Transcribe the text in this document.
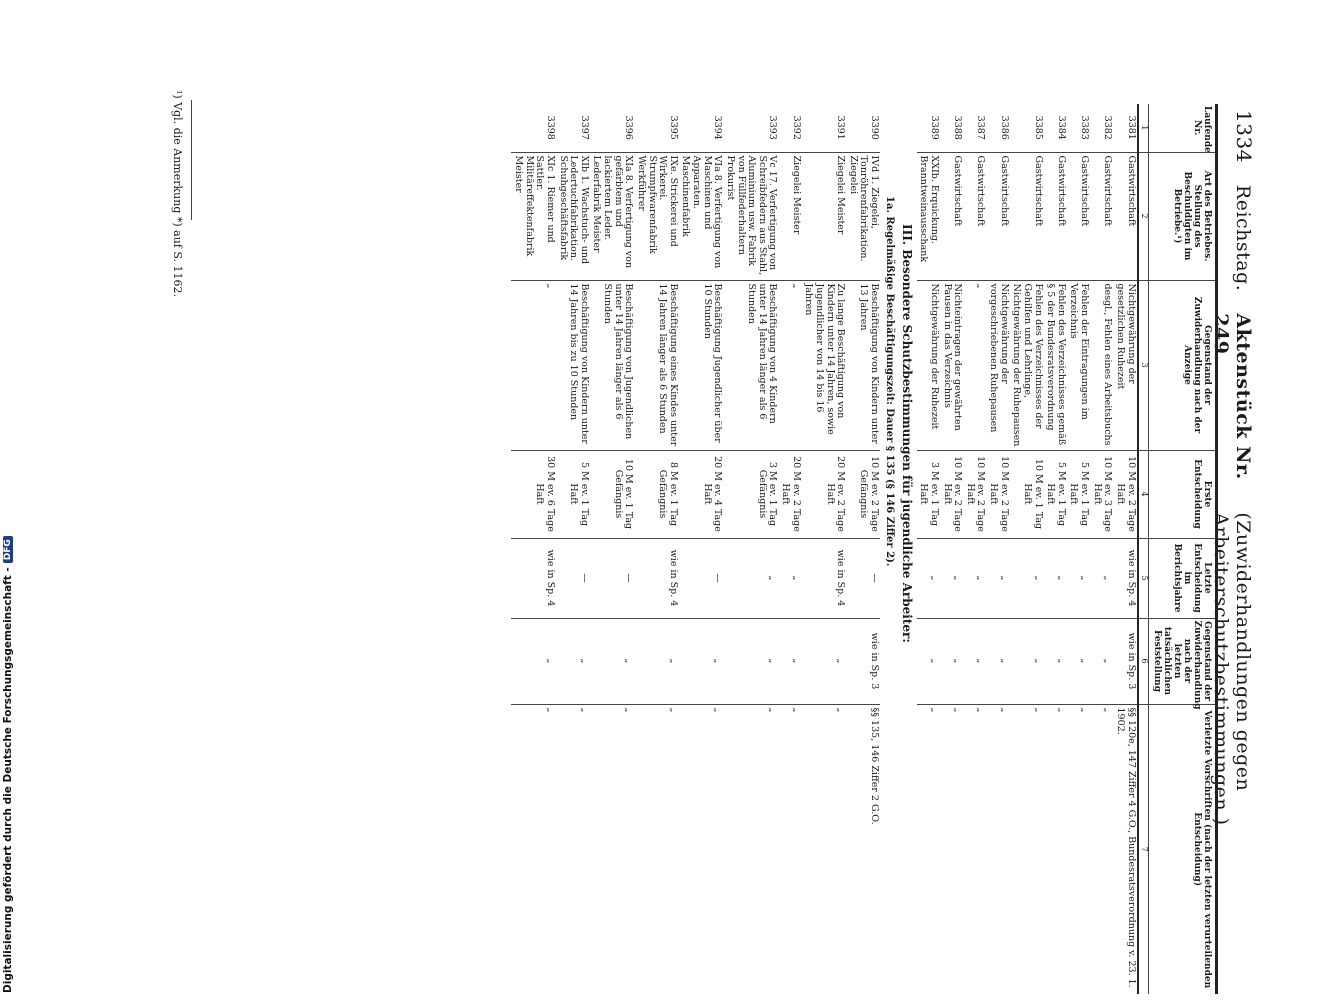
1334
Reichstag.
Aktenstück Nr. 249.
(Zuwiderhandlungen gegen Arbeiterschutzbestimmungen.)
Laufende Nr.	Art des Betriebes. Stellung des Beschuldigten im Betriebe.¹)	Gegenstand der Zuwiderhandlung nach der Anzeige	Erste Entscheidung	Letzte Entscheidung im Berichtsjahre	Gegenstand der Zuwiderhandlung nach der letzten tatsächlichen Feststellung	Verletzte Vorschriften (nach der letzten verurteilenden Entscheidung)
1	2	3	4	5	6	7
3381	Gastwirtschaft	Nichtgewährung der gesetzlichen Ruhezeit	10 M ev. 2 Tage Haft	wie in Sp. 4	wie in Sp. 3	§§ 120e, 147 Ziffer 4 G.O., Bundesratsverordnung v. 23. 1. 1902.
3382	Gastwirtschaft	desgl., Fehlen eines Arbeitsbuchs	10 M ev. 3 Tage Haft	„	„	„
3383	Gastwirtschaft	Fehlen der Eintragungen im Verzeichnis	5 M ev. 1 Tag Haft	„	„	„
3384	Gastwirtschaft	Fehlen des Verzeichnisses gemäß § 5 der Bundesratsverordnung	5 M ev. 1 Tag Haft	„	„	„
3385	Gastwirtschaft	Fehlen des Verzeichnisses der Gehilfen und Lehrlinge, Nichtgewährung der Ruhepausen	10 M ev. 1 Tag Haft	„	„	„
3386	Gastwirtschaft	Nichtgewährung der vorgeschriebenen Ruhepausen	10 M ev. 2 Tage Haft	„	„	„
3387	Gastwirtschaft	„	10 M ev. 2 Tage Haft	„	„	„
3388	Gastwirtschaft	Nichteintragen der gewährten Pausen in das Verzeichnis	10 M ev. 2 Tage Haft	„	„	„
3389	XXIb. Erquickung. Branntweinausschank	Nichtgewährung der Ruhezeit	3 M ev. 1 Tag Haft	„	„	„
III. Besondere Schutzbestimmungen für jugendliche Arbeiter:						
1a. Regelmäßige Beschäftigungszeit: Dauer § 135 (§ 146 Ziffer 2).						
3390	IVd 1. Ziegelei, Tonröhrenfabrikation. Ziegelei	Beschäftigung von Kindern unter 13 Jahren	10 M ev. 2 Tage Gefängnis	—	wie in Sp. 3	§§ 135, 146 Ziffer 2 G.O.
3391	Ziegelei Meister	Zu lange Beschäftigung von Kindern unter 14 Jahren, sowie Jugendlicher von 14 bis 16 Jahren	20 M ev. 2 Tage Haft	wie in Sp. 4	„	„
3392	Ziegelei Meister	„	20 M ev. 2 Tage Haft	„	„	„
3393	Vc 17. Verfertigung von Schreibfedern aus Stahl, Aluminium usw. Fabrik von Füllfederhaltern Prokurist	Beschäftigung von 4 Kindern unter 14 Jahren länger als 6 Stunden	3 M ev. 1 Tag Gefängnis	„	„	„
3394	VIa 8. Verfertigung von Maschinen und Apparaten. Maschinenfabrik	Beschäftigung Jugendlicher über 10 Stunden	20 M ev. 4 Tage Haft	—	„	„
3395	IXe. Strickerei und Wirkerei. Strumpfwarenfabrik Werkführer	Beschäftigung eines Kindes unter 14 Jahren länger als 6 Stunden	8 M ev. 1 Tag Gefängnis	wie in Sp. 4	„	„
3396	XIa 8. Verfertigung von gefärbtem und lackiertem Leder. Lederfabrik Meister	Beschäftigung von Jugendlichen unter 14 Jahren länger als 6 Stunden	10 M ev. 1 Tag Gefängnis	—	„	„
3397	XIb 1. Wachstuch- und Ledertuchfabrikation. Schuhgeschäftsfabrik	Beschäftigung von Kindern unter 14 Jahren bis zu 10 Stunden	5 M ev. 1 Tag Haft	—	„	„
3398	XIc 1. Riemer und Sattler. Militäreffektenfabrik Meister	„	30 M ev. 6 Tage Haft	wie in Sp. 4	„	„
¹) Vgl. die Anmerkung *) auf S. 1162.
Digitalisierung gefördert durch die Deutsche Forschungsgemeinschaft -
DFG
